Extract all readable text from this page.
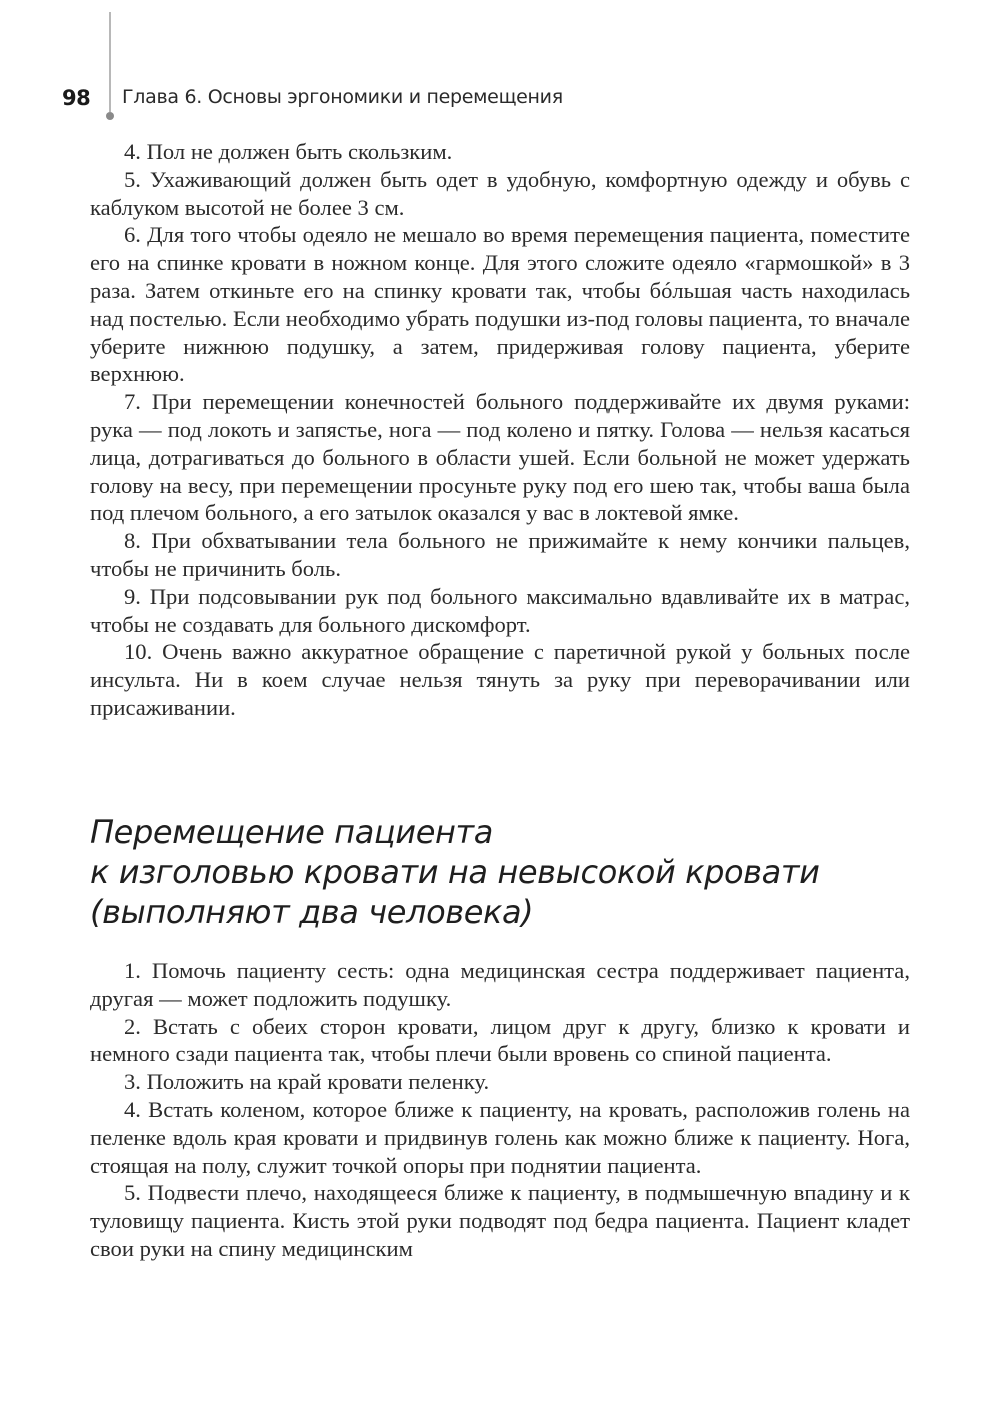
98 Глава 6. Основы эргономики и перемещения

4. Пол не должен быть скользким.

5. Ухаживающий должен быть одет в удобную, комфортную одежду и обувь с каблуком высотой не более 3 см.

6. Для того чтобы одеяло не мешало во время перемещения пациента, поместите его на спинке кровати в ножном конце. Для этого сложите одеяло «гармошкой» в 3 раза. Затем откиньте его на спинку кровати так, чтобы бóльшая часть находилась над постелью. Если необходимо убрать подушки из-под головы пациента, то вначале уберите нижнюю подушку, а затем, придерживая голову пациента, уберите верхнюю.

7. При перемещении конечностей больного поддерживайте их двумя руками: рука — под локоть и запястье, нога — под колено и пятку. Голова — нельзя касаться лица, дотрагиваться до больного в области ушей. Если больной не может удержать голову на весу, при перемещении просуньте руку под его шею так, чтобы ваша была под плечом больного, а его затылок оказался у вас в локтевой ямке.

8. При обхватывании тела больного не прижимайте к нему кончики пальцев, чтобы не причинить боль.

9. При подсовывании рук под больного максимально вдавливайте их в матрас, чтобы не создавать для больного дискомфорт.

10. Очень важно аккуратное обращение с паретичной рукой у больных после инсульта. Ни в коем случае нельзя тянуть за руку при переворачивании или присаживании.

Перемещение пациента
к изголовью кровати на невысокой кровати
(выполняют два человека)

1. Помочь пациенту сесть: одна медицинская сестра поддерживает пациента, другая — может подложить подушку.

2. Встать с обеих сторон кровати, лицом друг к другу, близко к кровати и немного сзади пациента так, чтобы плечи были вровень со спиной пациента.

3. Положить на край кровати пеленку.

4. Встать коленом, которое ближе к пациенту, на кровать, расположив голень на пеленке вдоль края кровати и придвинув голень как можно ближе к пациенту. Нога, стоящая на полу, служит точкой опоры при поднятии пациента.

5. Подвести плечо, находящееся ближе к пациенту, в подмышечную впадину и к туловищу пациента. Кисть этой руки подводят под бедра пациента. Пациент кладет свои руки на спину медицинским
